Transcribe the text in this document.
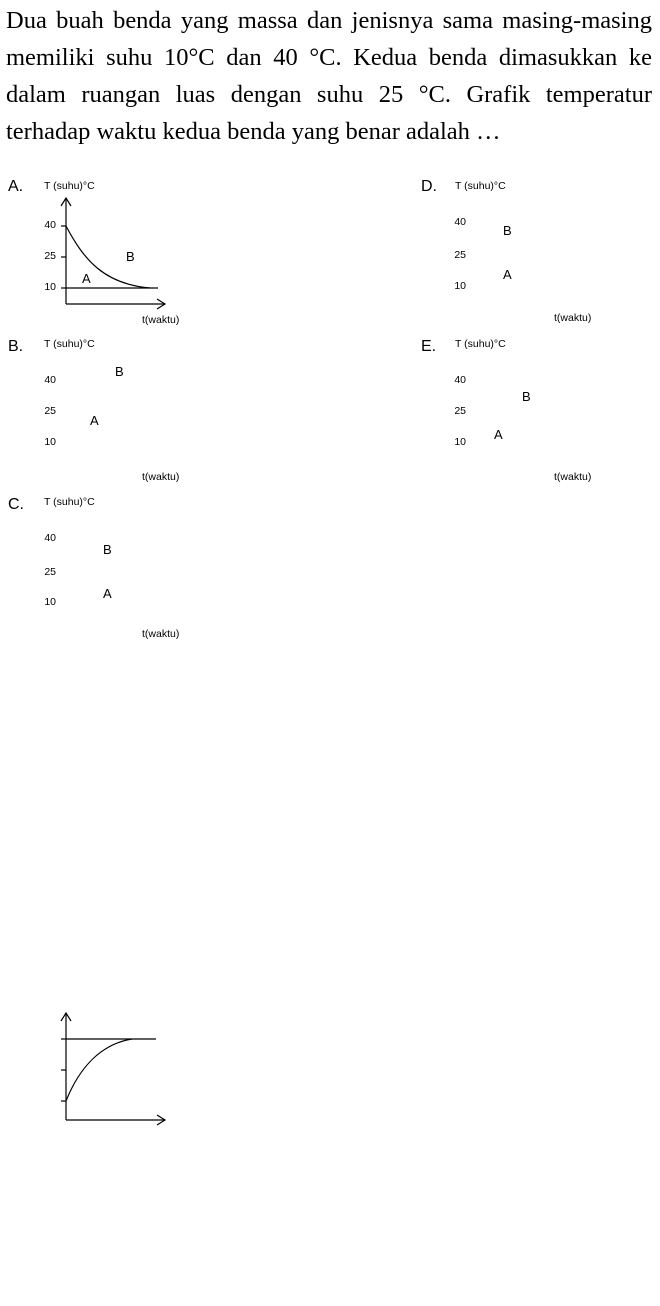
Dua buah benda yang massa dan jenisnya sama masing-masing memiliki suhu 10°C dan 40 °C. Kedua benda dimasukkan ke dalam ruangan luas dengan suhu 25 °C. Grafik temperatur terhadap waktu kedua benda yang benar adalah …
A. T (suhu)°C
40
25
10
B
A
t(waktu)
B. T (suhu)°C
40
25
10
B
A
t(waktu)
C. T (suhu)°C
40
25
10
B
A
t(waktu)
D. T (suhu)°C
40
25
10
B
A
t(waktu)
E. T (suhu)°C
40
25
10
B
A
t(waktu)
